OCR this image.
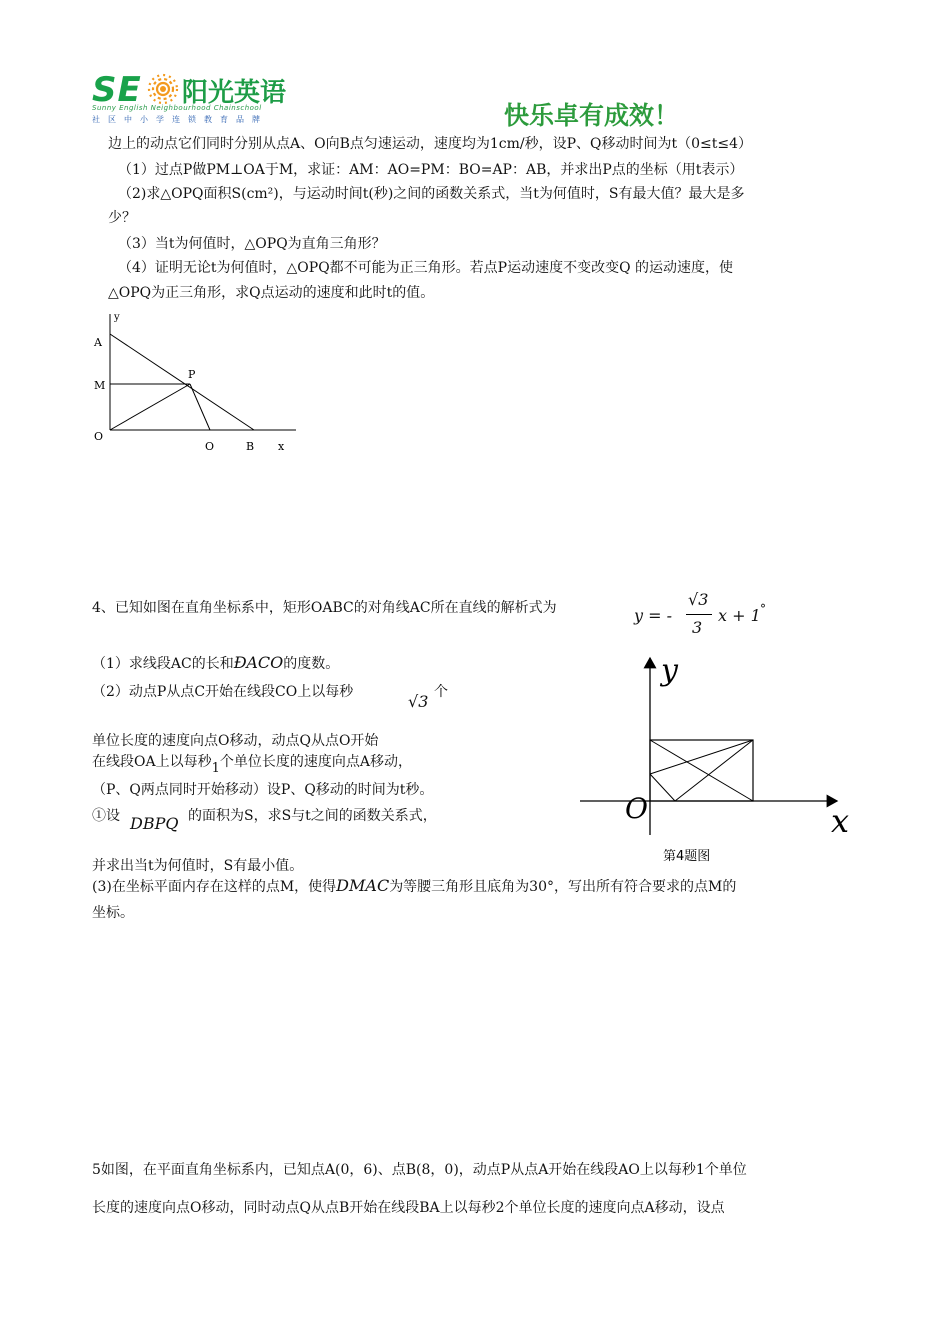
SE 阳光英语
Sunny English Neighbourhood Chainschool
社区中小学连锁教育品牌	快乐卓有成效！
边上的动点它们同时分别从点A、O向B点匀速运动，速度均为1cm/秒，设P、Q移动时间为t（0≤t≤4）
（1）过点P做PM⊥OA于M，求证：AM：AO=PM：BO=AP：AB，并求出P点的坐标（用t表示）
（2)求△OPQ面积S(cm²)，与运动时间t(秒)之间的函数关系式，当t为何值时，S有最大值？最大是多
少？
（3）当t为何值时，△OPQ为直角三角形？
（4）证明无论t为何值时，△OPQ都不可能为正三角形。若点P运动速度不变改变Q 的运动速度，使
△OPQ为正三角形，求Q点运动的速度和此时t的值。
y
A
M
P
O
O	B x
4、已知如图在直角坐标系中，矩形OABC的对角线AC所在直线的解析式为	y = -
√3
3
x + 1 °
（1）求线段AC的长和ÐACO的度数。
（2）动点P从点C开始在线段CO上以每秒	√3 个
单位长度的速度向点O移动，动点Q从点O开始
在线段OA上以每秒1个单位长度的速度向点A移动，
（P、Q两点同时开始移动）设P、Q移动的时间为t秒。
①设 DBPQ 的面积为S，求S与t之间的函数关系式，
并求出当t为何值时，S有最小值。
(3)在坐标平面内存在这样的点M，使得DMAC为等腰三角形且底角为30°，写出所有符合要求的点M的
坐标。
y
O	x
第4题图
5如图，在平面直角坐标系内，已知点A(0，6)、点B(8，0)，动点P从点A开始在线段AO上以每秒1个单位
长度的速度向点O移动，同时动点Q从点B开始在线段BA上以每秒2个单位长度的速度向点A移动，设点
